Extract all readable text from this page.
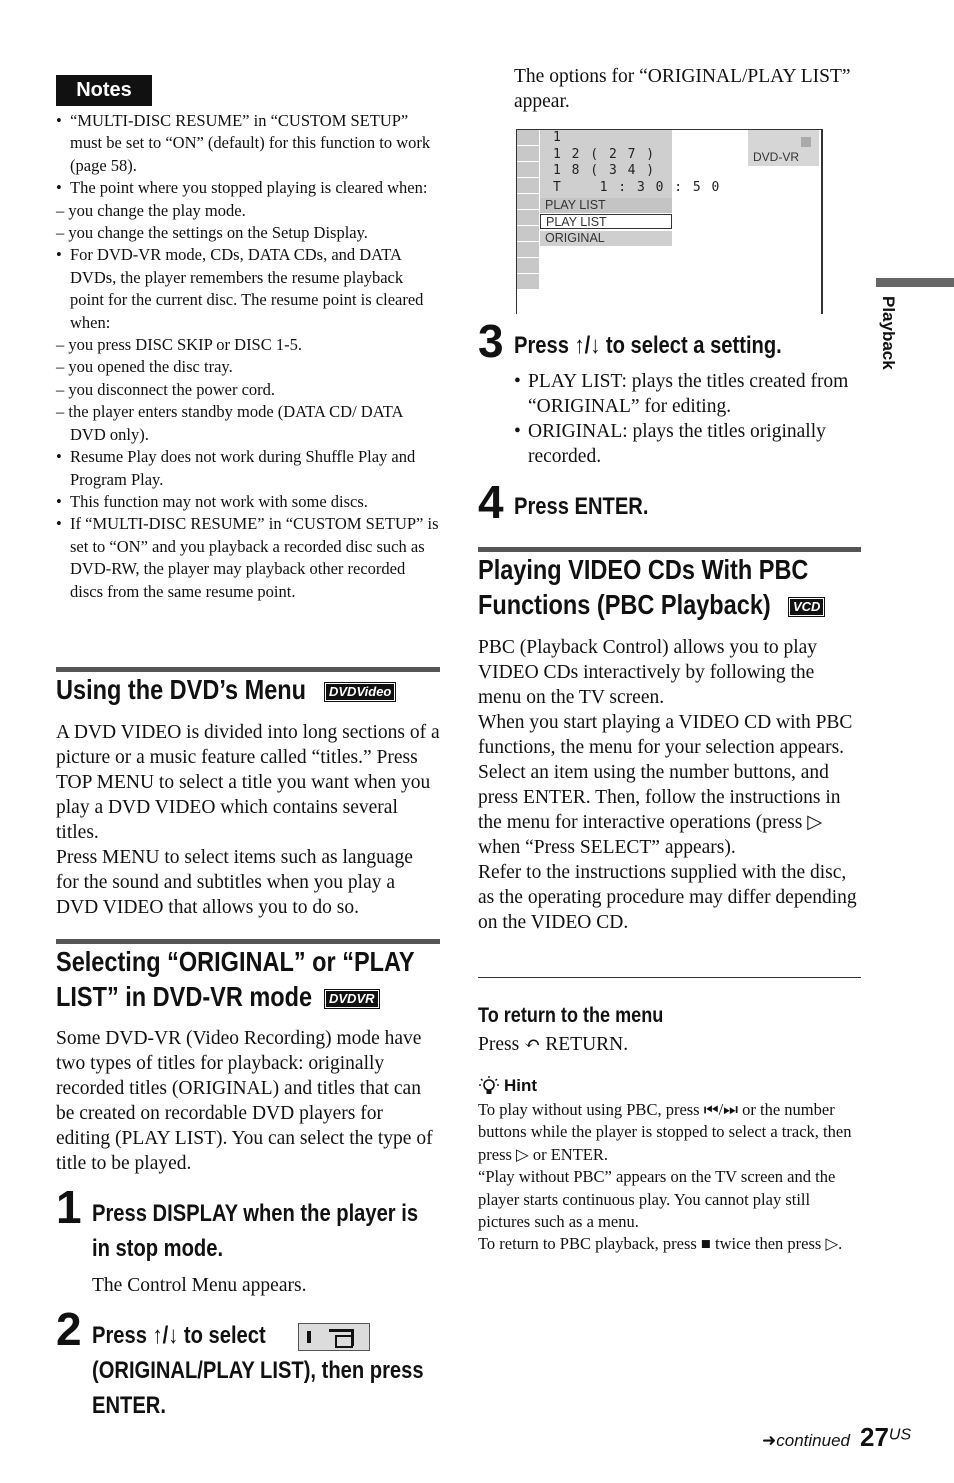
Notes
• “MULTI-DISC RESUME” in “CUSTOM SETUP” must be set to “ON” (default) for this function to work (page 58).
• The point where you stopped playing is cleared when:
– you change the play mode.
– you change the settings on the Setup Display.
• For DVD-VR mode, CDs, DATA CDs, and DATA DVDs, the player remembers the resume playback point for the current disc. The resume point is cleared when:
– you press DISC SKIP or DISC 1-5.
– you opened the disc tray.
– you disconnect the power cord.
– the player enters standby mode (DATA CD/ DATA DVD only).
• Resume Play does not work during Shuffle Play and Program Play.
• This function may not work with some discs.
• If “MULTI-DISC RESUME” in “CUSTOM SETUP” is set to “ON” and you playback a recorded disc such as DVD-RW, the player may playback other recorded discs from the same resume point.
Using the DVD’s Menu	DVDVideo

A DVD VIDEO is divided into long sections of a picture or a music feature called “titles.” Press TOP MENU to select a title you want when you play a DVD VIDEO which contains several titles.

Press MENU to select items such as language for the sound and subtitles when you play a DVD VIDEO that allows you to do so.

Selecting “ORIGINAL” or “PLAY
LIST” in DVD-VR mode	DVDVR

Some DVD-VR (Video Recording) mode have two types of titles for playback: originally recorded titles (ORIGINAL) and titles that can be created on recordable DVD players for editing (PLAY LIST). You can select the type of title to be played.

1 Press DISPLAY when the player is
in stop mode.
The Control Menu appears.
2 Press ↑/↓ to select
(ORIGINAL/PLAY LIST), then press
ENTER.
The options for “ORIGINAL/PLAY LIST” appear.
1
1 2 ( 2 7 )
1 8 ( 3 4 )
T    1 : 3 0 : 5 0
PLAY LIST
PLAY LIST
ORIGINAL
DVD-VR
3 Press ↑/↓ to select a setting.
• PLAY LIST: plays the titles created from “ORIGINAL” for editing.
• ORIGINAL: plays the titles originally recorded.
4 Press ENTER.
Playing VIDEO CDs With PBC
Functions (PBC Playback)	VCD

PBC (Playback Control) allows you to play VIDEO CDs interactively by following the menu on the TV screen.

When you start playing a VIDEO CD with PBC functions, the menu for your selection appears.

Select an item using the number buttons, and press ENTER. Then, follow the instructions in the menu for interactive operations (press ▷ when “Press SELECT” appears).

Refer to the instructions supplied with the disc, as the operating procedure may differ depending on the VIDEO CD.

To return to the menu
Press ↶ RETURN.
Hint
To play without using PBC, press ⏮/⏭ or the number buttons while the player is stopped to select a track, then press ▷ or ENTER.
“Play without PBC” appears on the TV screen and the player starts continuous play. You cannot play still pictures such as a menu.
To return to PBC playback, press ■ twice then press ▷.
Playback
➜continued $27^{US}$
